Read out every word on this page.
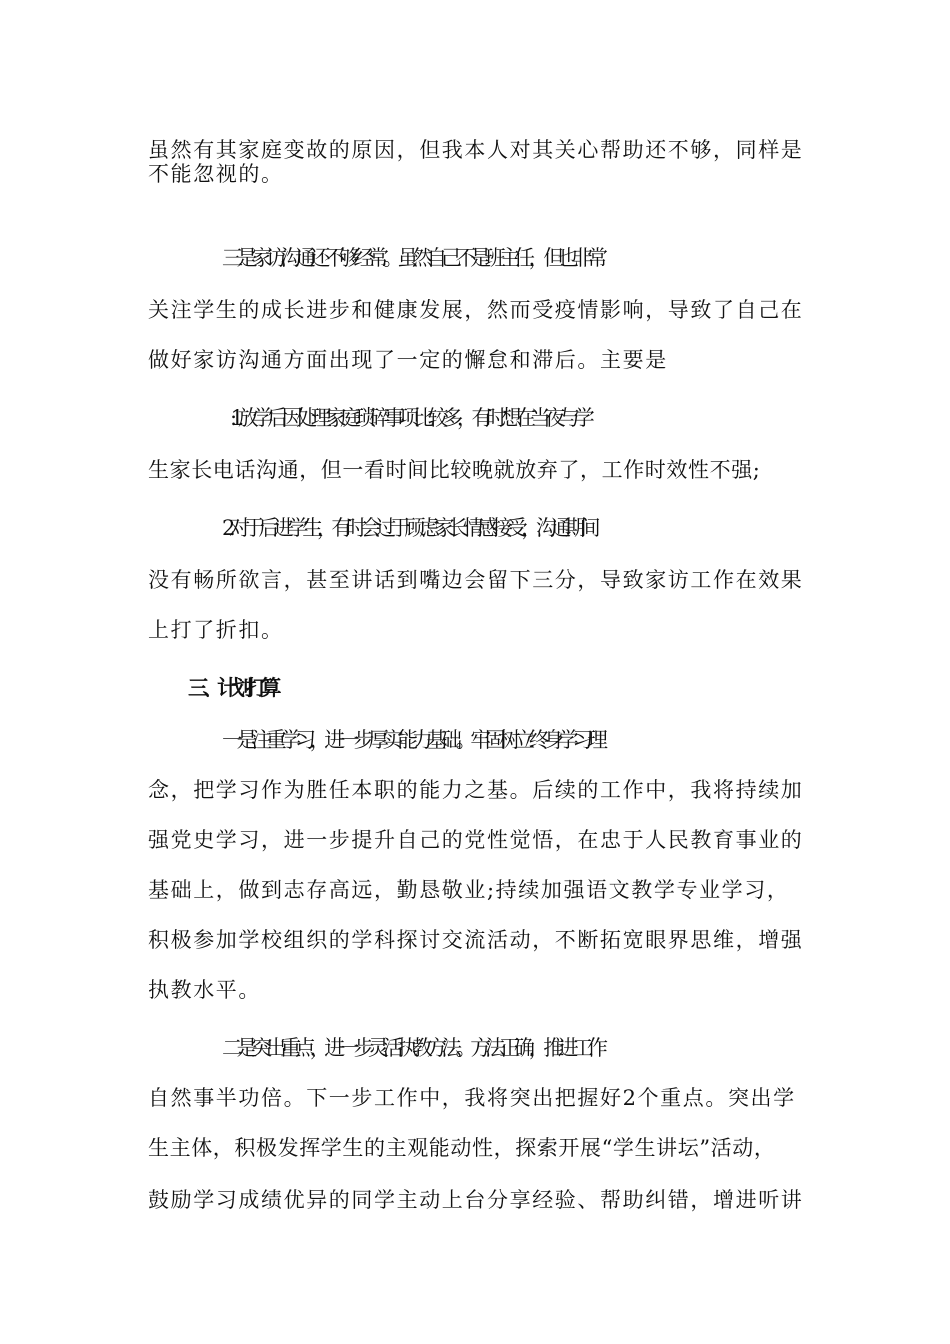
虽然有其家庭变故的原因，但我本人对其关心帮助还不够，同样是
不能忽视的。
三是家访沟通还不够经常。虽然自己不是班主任，但也非常
关注学生的成长进步和健康发展，然而受疫情影响，导致了自己在
做好家访沟通方面出现了一定的懈怠和滞后。主要是
:1.放学后因处理家庭琐碎事项比较多，有时想在当夜与学
生家长电话沟通，但一看时间比较晚就放弃了，工作时效性不强;
2.对于后进学生，有时会过于顾虑家长情感接受，沟通期间
没有畅所欲言，甚至讲话到嘴边会留下三分，导致家访工作在效果
上打了折扣。
三、计划打算
一是注重学习，进一步厚实能力基础。牢固树立终身学习理
念，把学习作为胜任本职的能力之基。后续的工作中，我将持续加
强党史学习，进一步提升自己的党性觉悟，在忠于人民教育事业的
基础上，做到志存高远，勤恳敬业;持续加强语文教学专业学习，
积极参加学校组织的学科探讨交流活动，不断拓宽眼界思维，增强
执教水平。
二是突出重点，进一步灵活执教方法。方法正确，推进工作
自然事半功倍。下一步工作中，我将突出把握好2个重点。突出学
生主体，积极发挥学生的主观能动性，探索开展“学生讲坛”活动，
鼓励学习成绩优异的同学主动上台分享经验、帮助纠错，增进听讲
